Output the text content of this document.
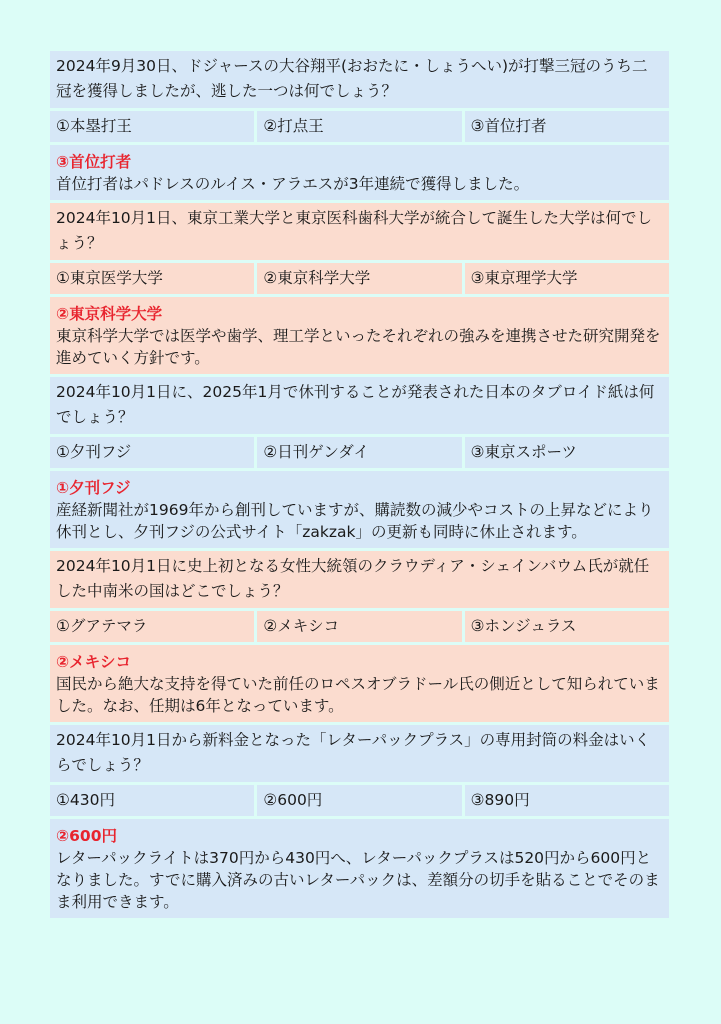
2024年9月30日、ドジャースの大谷翔平(おおたに・しょうへい)が打撃三冠のうち二冠を獲得しましたが、逃した一つは何でしょう？
①本塁打王	②打点王	③首位打者
③首位打者
首位打者はパドレスのルイス・アラエスが3年連続で獲得しました。
2024年10月1日、東京工業大学と東京医科歯科大学が統合して誕生した大学は何でしょう？
①東京医学大学	②東京科学大学	③東京理学大学
②東京科学大学
東京科学大学では医学や歯学、理工学といったそれぞれの強みを連携させた研究開発を進めていく方針です。
2024年10月1日に、2025年1月で休刊することが発表された日本のタブロイド紙は何でしょう？
①夕刊フジ	②日刊ゲンダイ	③東京スポーツ
①夕刊フジ
産経新聞社が1969年から創刊していますが、購読数の減少やコストの上昇などにより休刊とし、夕刊フジの公式サイト「zakzak」の更新も同時に休止されます。
2024年10月1日に史上初となる女性大統領のクラウディア・シェインバウム氏が就任した中南米の国はどこでしょう？
①グアテマラ	②メキシコ	③ホンジュラス
②メキシコ
国民から絶大な支持を得ていた前任のロペスオブラドール氏の側近として知られていました。なお、任期は6年となっています。
2024年10月1日から新料金となった「レターパックプラス」の専用封筒の料金はいくらでしょう？
①430円	②600円	③890円
②600円
レターパックライトは370円から430円へ、レターパックプラスは520円から600円となりました。すでに購入済みの古いレターパックは、差額分の切手を貼ることでそのまま利用できます。
